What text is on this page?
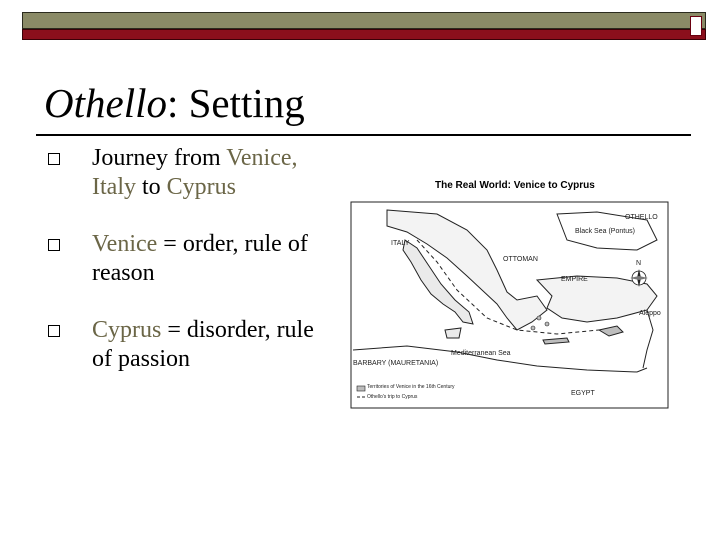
Othello: Setting
Journey from Venice, Italy to Cyprus
Venice = order, rule of reason
Cyprus = disorder, rule of passion
The Real World: Venice to Cyprus
OTHELLO
Black Sea (Pontus)
ITALY
OTTOMAN
EMPIRE
Aleppo
Mediterranean Sea
BARBARY (MAURETANIA)
EGYPT
Territories of Venice in the 16th Century
Othello's trip to Cyprus
N
